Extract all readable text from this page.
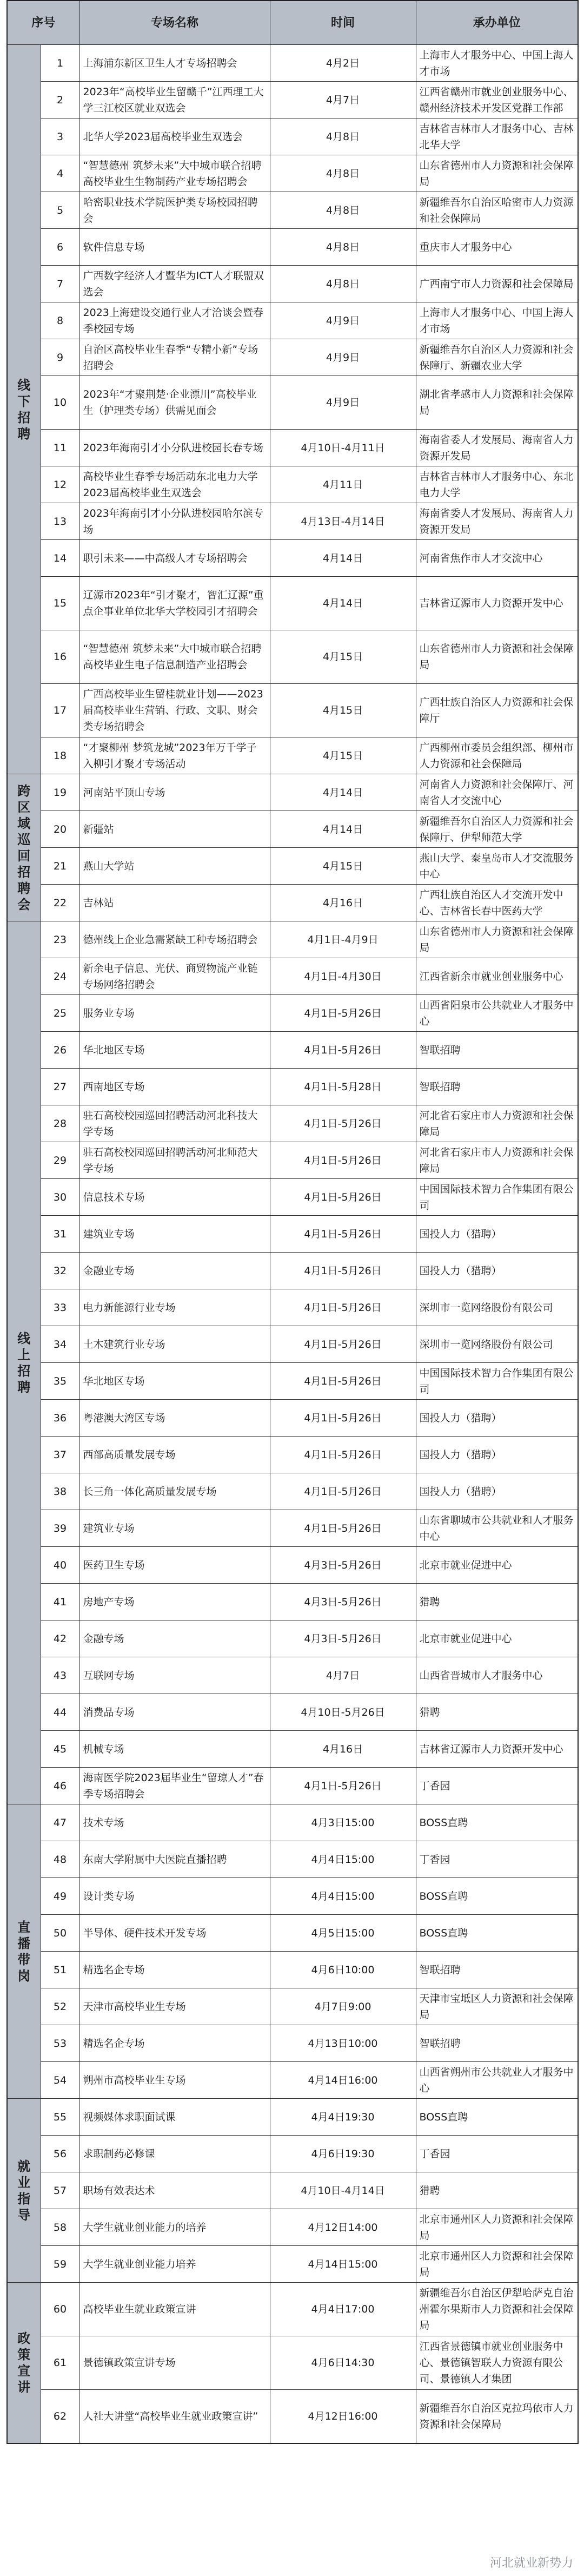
序号		专场名称	时间	承办单位

线下招聘	1	上海浦东新区卫生人才专场招聘会	4月2日	上海市人才服务中心、中国上海人才市场
	2	2023年“高校毕业生留赣千”江西理工大学三江校区就业双选会	4月7日	江西省赣州市就业创业服务中心、赣州经济技术开发区党群工作部
	3	北华大学2023届高校毕业生双选会	4月8日	吉林省吉林市人才服务中心、吉林北华大学
	4	“智慧德州 筑梦未来”大中城市联合招聘高校毕业生生物制药产业专场招聘会	4月8日	山东省德州市人力资源和社会保障局
	5	哈密职业技术学院医护类专场校园招聘会	4月8日	新疆维吾尔自治区哈密市人力资源和社会保障局
	6	软件信息专场	4月8日	重庆市人才服务中心
	7	广西数字经济人才暨华为ICT人才联盟双选会	4月8日	广西南宁市人力资源和社会保障局
	8	2023上海建设交通行业人才洽谈会暨春季校园专场	4月9日	上海市人才服务中心、中国上海人才市场
	9	自治区高校毕业生春季“专精小新”专场招聘会	4月9日	新疆维吾尔自治区人力资源和社会保障厅、新疆农业大学
	10	2023年“才聚荆楚·企业漂川”高校毕业生（护理类专场）供需见面会	4月9日	湖北省孝感市人力资源和社会保障局
	11	2023年海南引才小分队进校园长春专场	4月10日-4月11日	海南省委人才发展局、海南省人力资源开发局
	12	高校毕业生春季专场活动东北电力大学2023届高校毕业生双选会	4月11日	吉林省吉林市人才服务中心、东北电力大学
	13	2023年海南引才小分队进校园哈尔滨专场	4月13日-4月14日	海南省委人才发展局、海南省人力资源开发局
	14	职引未来——中高级人才专场招聘会	4月14日	河南省焦作市人才交流中心
	15	辽源市2023年“引才聚才，智汇辽源”重点企事业单位北华大学校园引才招聘会	4月14日	吉林省辽源市人力资源开发中心
	16	“智慧德州 筑梦未来”大中城市联合招聘高校毕业生电子信息制造产业招聘会	4月15日	山东省德州市人力资源和社会保障局
	17	广西高校毕业生留桂就业计划——2023届高校毕业生营销、行政、文职、财会类专场招聘会	4月15日	广西壮族自治区人力资源和社会保障厅
	18	“才聚柳州 梦筑龙城”2023年万千学子入柳引才聚才专场活动	4月15日	广西柳州市委员会组织部、柳州市人力资源和社会保障局

跨区域巡回招聘会	19	河南站平顶山专场	4月14日	河南省人力资源和社会保障厅、河南省人才交流中心
	20	新疆站	4月14日	新疆维吾尔自治区人力资源和社会保障厅、伊犁师范大学
	21	燕山大学站	4月15日	燕山大学、秦皇岛市人才交流服务中心
	22	吉林站	4月16日	广西壮族自治区人才交流开发中心、吉林省长春中医药大学

线上招聘	23	德州线上企业急需紧缺工种专场招聘会	4月1日-4月9日	山东省德州市人力资源和社会保障局
	24	新余电子信息、光伏、商贸物流产业链专场网络招聘会	4月1日-4月30日	江西省新余市就业创业服务中心
	25	服务业专场	4月1日-5月26日	山西省阳泉市公共就业人才服务中心
	26	华北地区专场	4月1日-5月26日	智联招聘
	27	西南地区专场	4月1日-5月28日	智联招聘
	28	驻石高校校园巡回招聘活动河北科技大学专场	4月1日-5月26日	河北省石家庄市人力资源和社会保障局
	29	驻石高校校园巡回招聘活动河北师范大学专场	4月1日-5月26日	河北省石家庄市人力资源和社会保障局
	30	信息技术专场	4月1日-5月26日	中国国际技术智力合作集团有限公司
	31	建筑业专场	4月1日-5月26日	国投人力（猎聘）
	32	金融业专场	4月1日-5月26日	国投人力（猎聘）
	33	电力新能源行业专场	4月1日-5月26日	深圳市一览网络股份有限公司
	34	土木建筑行业专场	4月1日-5月26日	深圳市一览网络股份有限公司
	35	华北地区专场	4月1日-5月26日	中国国际技术智力合作集团有限公司
	36	粤港澳大湾区专场	4月1日-5月26日	国投人力（猎聘）
	37	西部高质量发展专场	4月1日-5月26日	国投人力（猎聘）
	38	长三角一体化高质量发展专场	4月1日-5月26日	国投人力（猎聘）
	39	建筑业专场	4月1日-5月26日	山东省聊城市公共就业和人才服务中心
	40	医药卫生专场	4月3日-5月26日	北京市就业促进中心
	41	房地产专场	4月3日-5月26日	猎聘
	42	金融专场	4月3日-5月26日	北京市就业促进中心
	43	互联网专场	4月7日	山西省晋城市人才服务中心
	44	消费品专场	4月10日-5月26日	猎聘
	45	机械专场	4月16日	吉林省辽源市人力资源开发中心
	46	海南医学院2023届毕业生“留琼人才”春季专场招聘会	4月1日-5月26日	丁香园

直播带岗	47	技术专场	4月3日15:00	BOSS直聘
	48	东南大学附属中大医院直播招聘	4月4日15:00	丁香园
	49	设计类专场	4月4日15:00	BOSS直聘
	50	半导体、硬件技术开发专场	4月5日15:00	BOSS直聘
	51	精选名企专场	4月6日10:00	智联招聘
	52	天津市高校毕业生专场	4月7日9:00	天津市宝坻区人力资源和社会保障局
	53	精选名企专场	4月13日10:00	智联招聘
	54	朔州市高校毕业生专场	4月14日16:00	山西省朔州市公共就业人才服务中心

就业指导	55	视频媒体求职面试课	4月4日19:30	BOSS直聘
	56	求职制药必修课	4月6日19:30	丁香园
	57	职场有效表达术	4月10日-4月14日	猎聘
	58	大学生就业创业能力的培养	4月12日14:00	北京市通州区人力资源和社会保障局
	59	大学生就业创业能力培养	4月14日15:00	北京市通州区人力资源和社会保障局

政策宣讲	60	高校毕业生就业政策宣讲	4月4日17:00	新疆维吾尔自治区伊犁哈萨克自治州霍尔果斯市人力资源和社会保障局
	61	景德镇政策宣讲专场	4月6日14:30	江西省景德镇市就业创业服务中心、景德镇智联人力资源有限公司、景德镇人才集团
	62	人社大讲堂“高校毕业生就业政策宣讲”	4月12日16:00	新疆维吾尔自治区克拉玛依市人力资源和社会保障局
河北就业新势力
